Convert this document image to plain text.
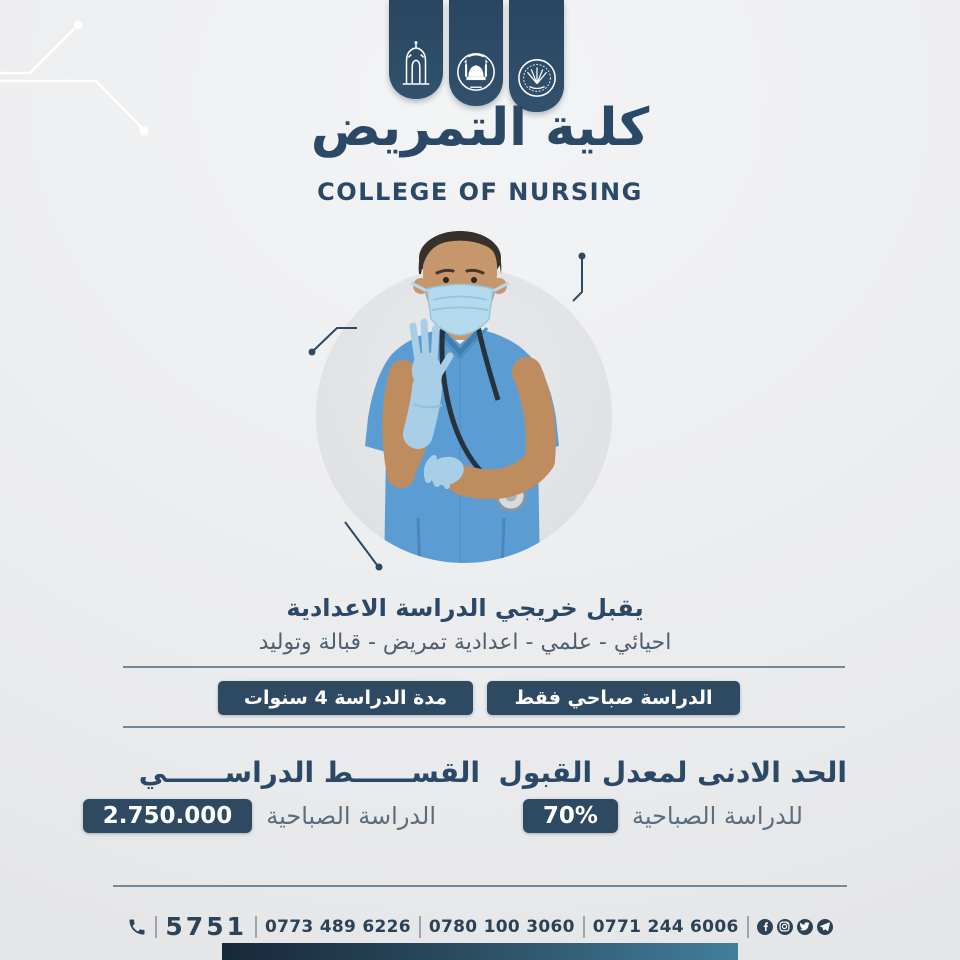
كلية التمريض
COLLEGE OF NURSING
يقبل خريجي الدراسة الاعدادية
احيائي - علمي - اعدادية تمريض - قبالة وتوليد
الدراسة صباحي فقط
مدة الدراسة 4 سنوات
الحد الادنى لمعدل القبول
للدراسة الصباحية
70%
القســــــط الدراســــــي
الدراسة الصباحية
2.750.000
5751 0773 489 6226 0780 100 3060 0771 244 6006
